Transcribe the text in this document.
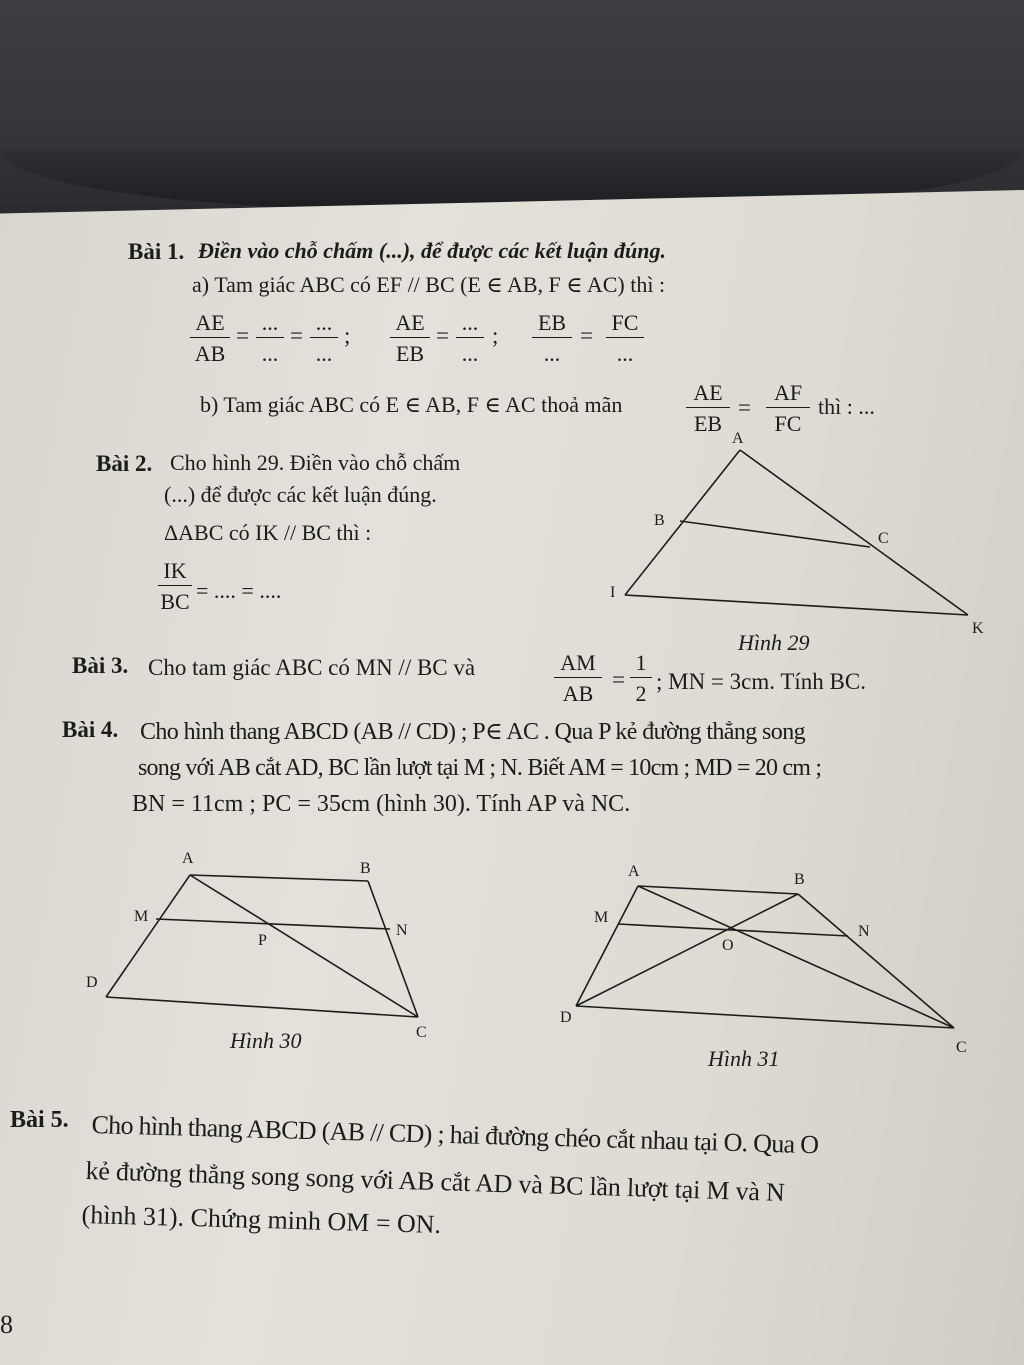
Bài 1. Điền vào chỗ chấm (...), để được các kết luận đúng.
a) Tam giác ABC có EF // BC (E ∈ AB, F ∈ AC) thì :
$\frac{AE}{AB}$ =
...
...
=
...
...
; $\frac{AE}{EB}$ =
...
...
;
EB
...
=
FC
...
b) Tam giác ABC có E ∈ AB, F ∈ AC thoả mãn	$\frac{AE}{EB} = \frac{AF}{FC}$ thì : ...
Bài 2. Cho hình 29. Điền vào chỗ chấm
(...) để được các kết luận đúng.
ΔABC có IK // BC thì :
$\frac{IK}{BC}$ = .... = ....
A
B
C
I
K
Hình 29
Bài 3. Cho tam giác ABC có MN // BC và	$\frac{AM}{AB} = \frac{1}{2}$ ; MN = 3cm. Tính BC.
Bài 4. Cho hình thang ABCD (AB // CD) ; P∈ AC . Qua P kẻ đường thẳng song
song với AB cắt AD, BC lần lượt tại M ; N. Biết AM = 10cm ; MD = 20 cm ;
BN = 11cm ; PC = 35cm (hình 30). Tính AP và NC.
A
B
M
N
P
D
C
Hình 30
A	B
M
N
O
D
C
Hình 31
Bài 5. Cho hình thang ABCD (AB // CD) ; hai đường chéo cắt nhau tại O. Qua O
kẻ đường thẳng song song với AB cắt AD và BC lần lượt tại M và N
(hình 31). Chứng minh OM = ON.
8
